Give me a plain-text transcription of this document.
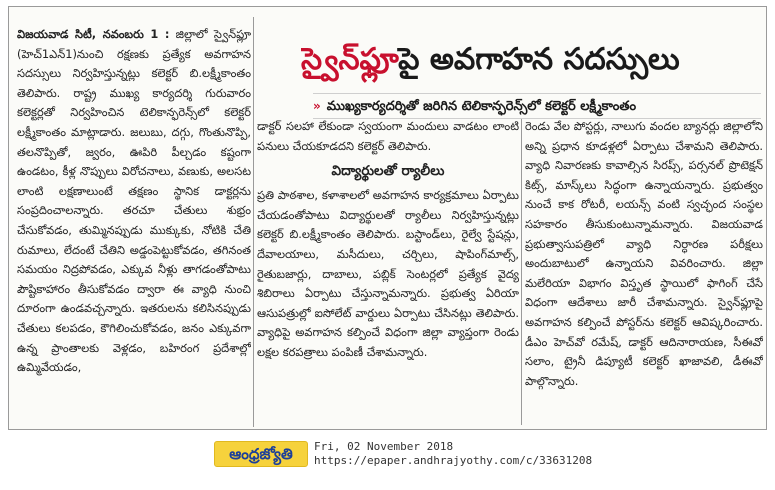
విజయవాడ సిటీ, నవంబరు 1 : జిల్లాలో స్వైన్‌ఫ్లూ (హెచ్1ఎన్1)నుంచి రక్షణకు ప్రత్యేక అవగాహన సదస్సులు నిర్వహిస్తున్నట్లు కలెక్టర్ బి.లక్ష్మీకాంతం తెలిపారు. రాష్ట్ర ముఖ్య కార్యదర్శి గురువారం కలెక్టర్లతో నిర్వహించిన టెలికాన్ఫరెన్స్‌లో కలెక్టర్ లక్ష్మీకాంతం మాట్లాడారు. జలుబు, దగ్గు, గొంతునొప్పి, తలనొప్పితో, జ్వరం, ఊపిరి పీల్చడం కష్టంగా ఉండటం, కీళ్ల నొప్పులు విరోచనాలు, వణుకు, అలసట లాంటి లక్షణాలుంటే తక్షణం స్థానిక డాక్టర్లను సంప్రదించాలన్నారు. తరచూ చేతులు శుభ్రం చేసుకోవడం, తుమ్మినప్పుడు ముక్కుకు, నోటికి చేతి రుమాలు, లేదంటే చేతిని అడ్డంపెట్టుకోవడం, తగినంత సమయం నిద్రపోవడం, ఎక్కువ నీళ్లు తాగడంతోపాటు పౌష్టికాహారం తీసుకోవడం ద్వారా ఈ వ్యాధి నుంచి దూరంగా ఉండవచ్చన్నారు. ఇతరులను కలిసినప్పుడు చేతులు కలపడం, కౌగిలించుకోవడం, జనం ఎక్కువగా ఉన్న ప్రాంతాలకు వెళ్లడం, బహిరంగ ప్రదేశాల్లో ఉమ్మివేయడం,

స్వైన్‌ఫ్లూపై అవగాహన సదస్సులు
» ముఖ్యకార్యదర్శితో జరిగిన టెలికాన్ఫరెన్స్‌లో కలెక్టర్ లక్ష్మీకాంతం

డాక్టర్ సలహా లేకుండా స్వయంగా మందులు వాడటం లాంటి పనులు చేయకూడదని కలెక్టర్ తెలిపారు.

విద్యార్థులతో ర్యాలీలు

ప్రతి పాఠశాల, కళాశాలలో అవగాహన కార్యక్రమాలు ఏర్పాటు చేయడంతోపాటు విద్యార్థులతో ర్యాలీలు నిర్వహిస్తున్నట్లు కలెక్టర్ బి.లక్ష్మీకాంతం తెలిపారు. బస్టాండ్‌లు, రైల్వే స్టేషన్లు, దేవాలయాలు, మసీదులు, చర్చిలు, షాపింగ్‌మాల్స్, రైతుబజార్లు, దాబాలు, పబ్లిక్ సెంటర్లలో ప్రత్యేక వైద్య శిబిరాలు ఏర్పాటు చేస్తున్నామన్నారు. ప్రభుత్వ ఏరియా ఆసుపత్రుల్లో ఐసోలేట్ వార్డులు ఏర్పాటు చేసినట్లు తెలిపారు. వ్యాధిపై అవగాహన కల్పించే విధంగా జిల్లా వ్యాప్తంగా రెండు లక్షల కరపత్రాలు పంపిణీ చేశామన్నారు.

రెండు వేల పోస్టర్లు, నాలుగు వందల బ్యానర్లు జిల్లాలోని అన్ని ప్రధాన కూడళ్లలో ఏర్పాటు చేశామని తెలిపారు. వ్యాధి నివారణకు కావాల్సిన సిరప్స్, పర్సనల్ ప్రొటెక్షన్ కిట్స్, మాస్క్‌లు సిద్ధంగా ఉన్నాయన్నారు. ప్రభుత్వం నుంచే కాక రోటరీ, లయన్స్ వంటి స్వచ్ఛంద సంస్థల సహకారం తీసుకుంటున్నామన్నారు. విజయవాడ ప్రభుత్వాసుపత్రిలో వ్యాధి నిర్ధారణ పరీక్షలు అందుబాటులో ఉన్నాయని వివరించారు. జిల్లా మలేరియా విభాగం విస్తృత స్థాయిలో ఫాగింగ్ చేసే విధంగా ఆదేశాలు జారీ చేశామన్నారు. స్వైన్‌ఫ్లూపై అవగాహన కల్పించే పోస్టర్‌ను కలెక్టర్ ఆవిష్కరించారు. డీఎం హెచ్‌వో రమేష్, డాక్టర్ ఆదినారాయణ, సీఈవో సలాం, ట్రైనీ డిప్యూటీ కలెక్టర్ ఖాజావలి, డీఈవో పాల్గొన్నారు.

ఆంధ్రజ్యోతి	Fri, 02 November 2018
https://epaper.andhrajyothy.com/c/33631208
